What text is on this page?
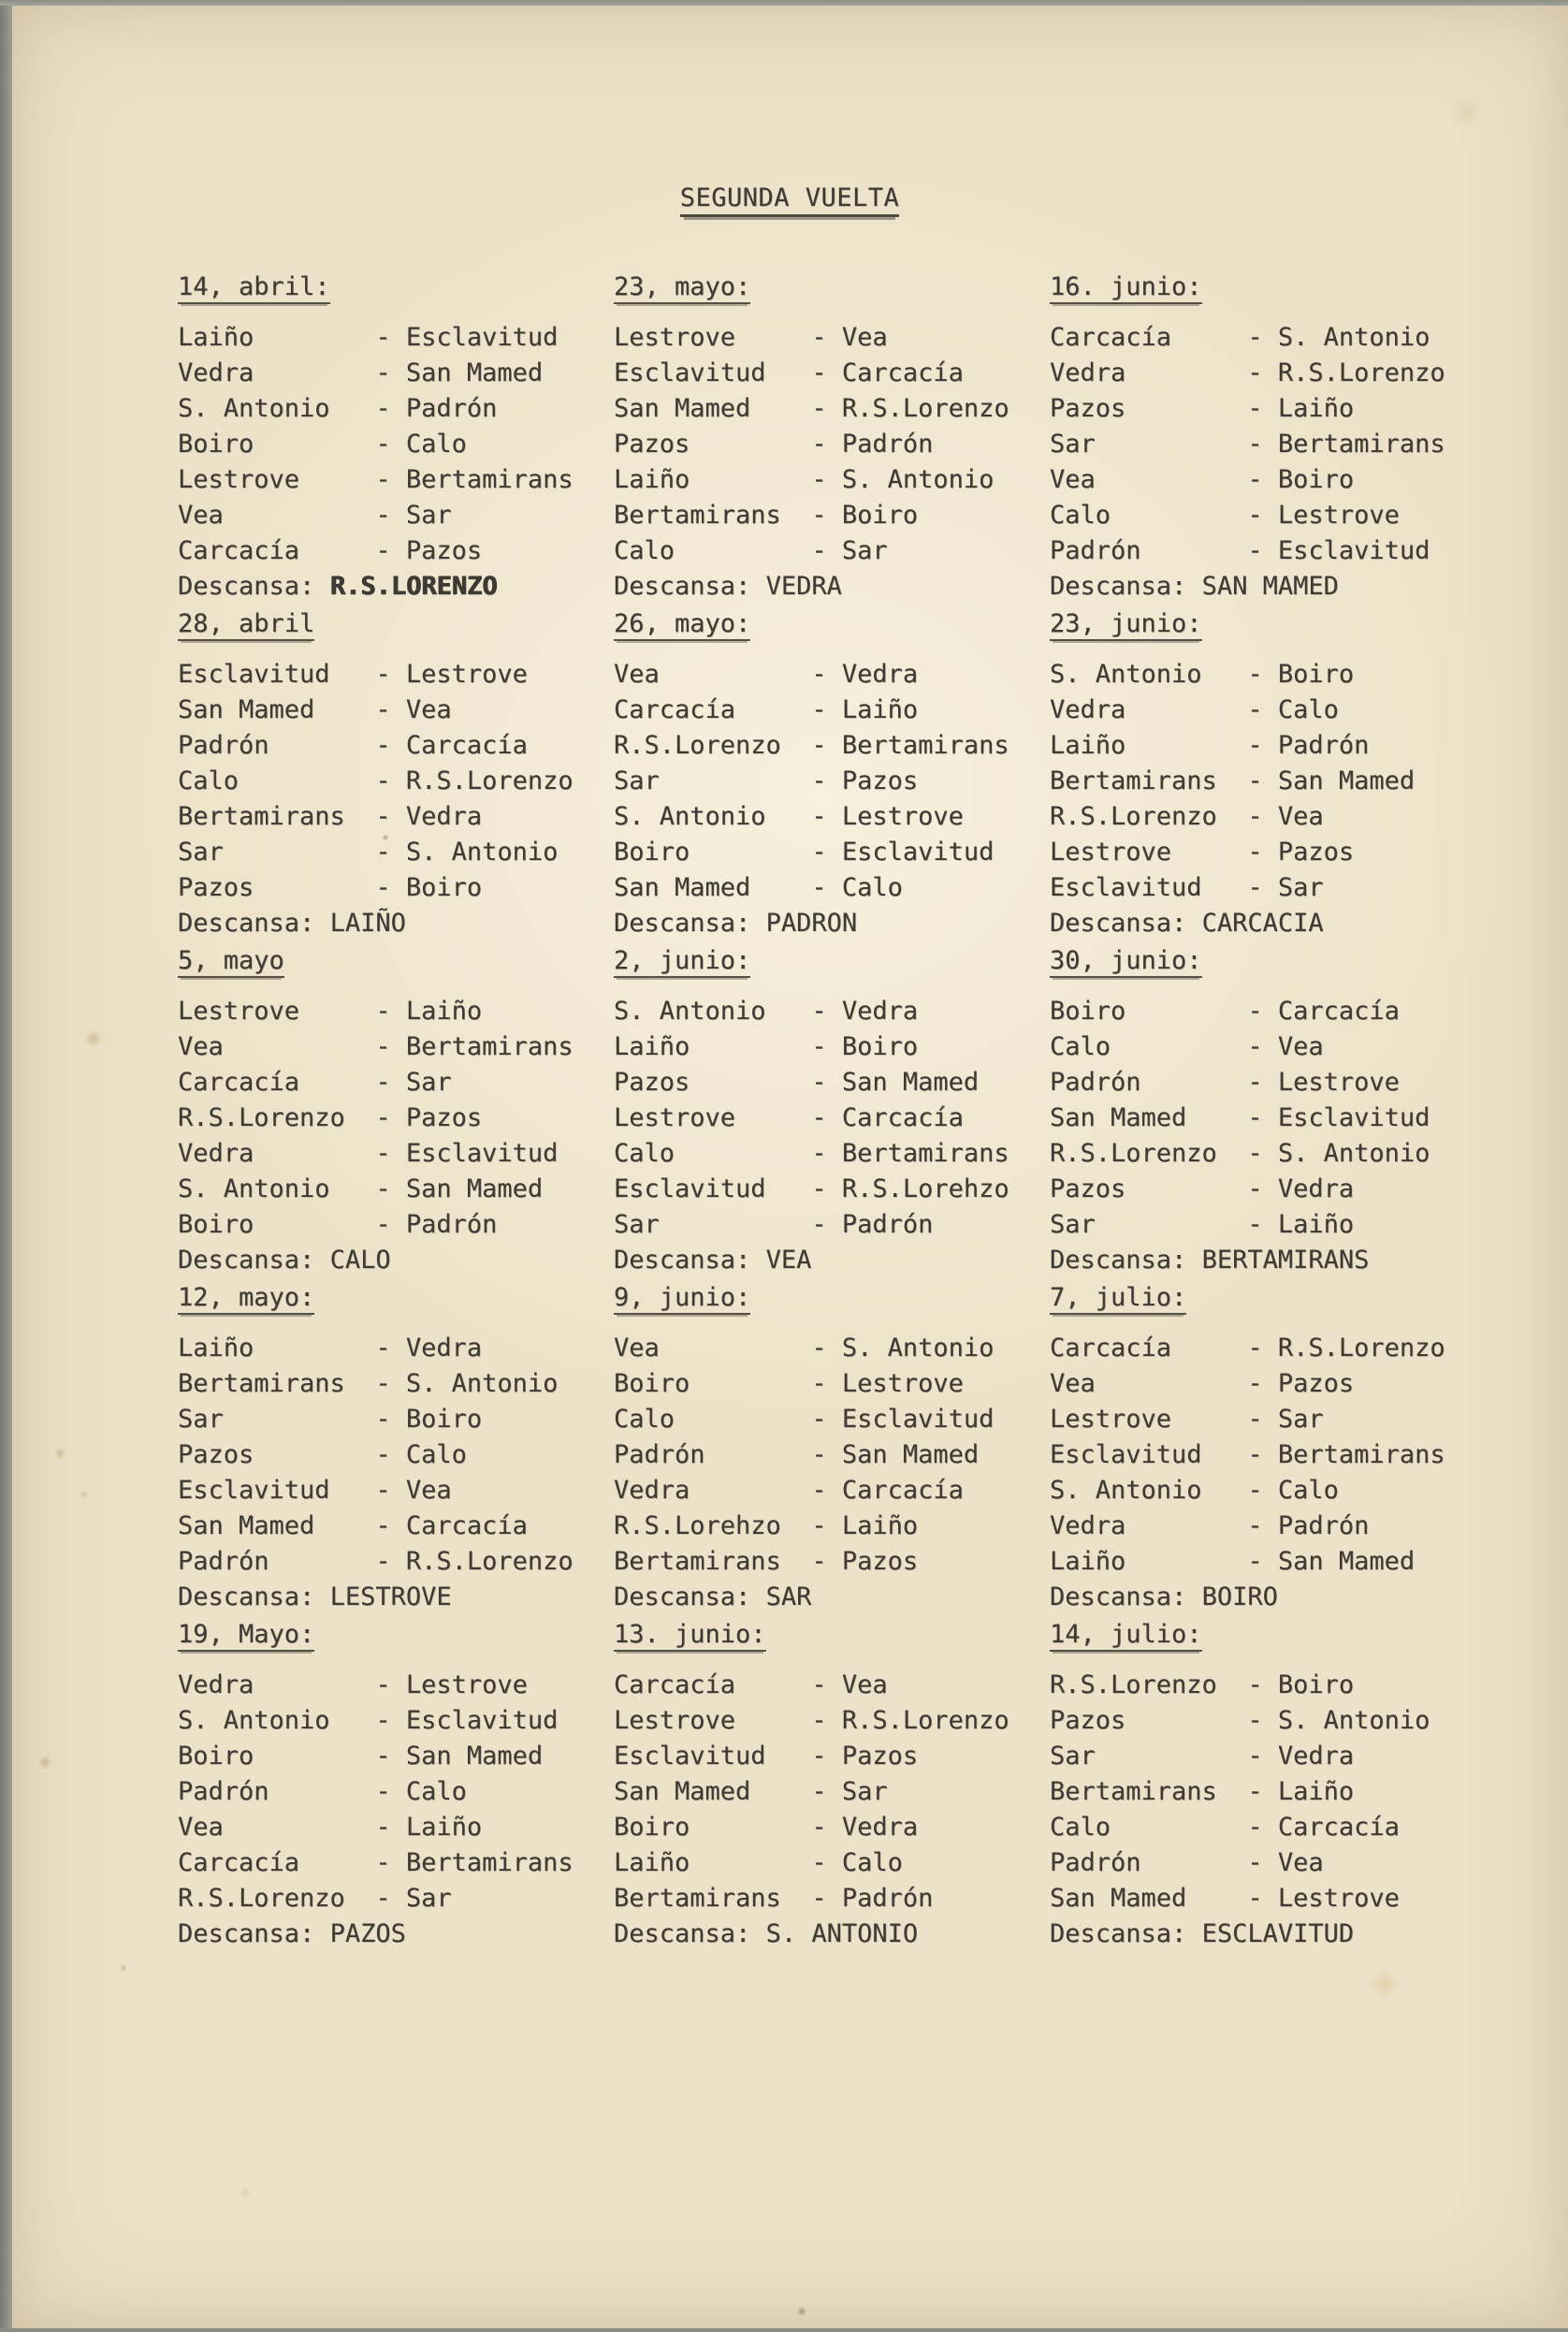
SEGUNDA VUELTA
14, abril:
Laiño	- Esclavitud
Vedra	- San Mamed
S. Antonio	- Padrón
Boiro	- Calo
Lestrove	- Bertamirans
Vea	- Sar
Carcacía	- Pazos
Descansa: R.S.LORENZO
23, mayo:
Lestrove	- Vea
Esclavitud	- Carcacía
San Mamed	- R.S.Lorenzo
Pazos	- Padrón
Laiño	- S. Antonio
Bertamirans	- Boiro
Calo	- Sar
Descansa: VEDRA
16. junio:
Carcacía	- S. Antonio
Vedra	- R.S.Lorenzo
Pazos	- Laiño
Sar	- Bertamirans
Vea	- Boiro
Calo	- Lestrove
Padrón	- Esclavitud
Descansa: SAN MAMED
28, abril
Esclavitud	- Lestrove
San Mamed	- Vea
Padrón	- Carcacía
Calo	- R.S.Lorenzo
Bertamirans	- Vedra
Sar	- S. Antonio
Pazos	- Boiro
Descansa: LAIÑO
26, mayo:
Vea	- Vedra
Carcacía	- Laiño
R.S.Lorenzo	- Bertamirans
Sar	- Pazos
S. Antonio	- Lestrove
Boiro	- Esclavitud
San Mamed	- Calo
Descansa: PADRON
23, junio:
S. Antonio	- Boiro
Vedra	- Calo
Laiño	- Padrón
Bertamirans	- San Mamed
R.S.Lorenzo	- Vea
Lestrove	- Pazos
Esclavitud	- Sar
Descansa: CARCACIA
5, mayo
Lestrove	- Laiño
Vea	- Bertamirans
Carcacía	- Sar
R.S.Lorenzo	- Pazos
Vedra	- Esclavitud
S. Antonio	- San Mamed
Boiro	- Padrón
Descansa: CALO
2, junio:
S. Antonio	- Vedra
Laiño	- Boiro
Pazos	- San Mamed
Lestrove	- Carcacía
Calo	- Bertamirans
Esclavitud	- R.S.Lorehzo
Sar	- Padrón
Descansa: VEA
30, junio:
Boiro	- Carcacía
Calo	- Vea
Padrón	- Lestrove
San Mamed	- Esclavitud
R.S.Lorenzo	- S. Antonio
Pazos	- Vedra
Sar	- Laiño
Descansa: BERTAMIRANS
12, mayo:
Laiño	- Vedra
Bertamirans	- S. Antonio
Sar	- Boiro
Pazos	- Calo
Esclavitud	- Vea
San Mamed	- Carcacía
Padrón	- R.S.Lorenzo
Descansa: LESTROVE
9, junio:
Vea	- S. Antonio
Boiro	- Lestrove
Calo	- Esclavitud
Padrón	- San Mamed
Vedra	- Carcacía
R.S.Lorehzo	- Laiño
Bertamirans	- Pazos
Descansa: SAR
7, julio:
Carcacía	- R.S.Lorenzo
Vea	- Pazos
Lestrove	- Sar
Esclavitud	- Bertamirans
S. Antonio	- Calo
Vedra	- Padrón
Laiño	- San Mamed
Descansa: BOIRO
19, Mayo:
Vedra	- Lestrove
S. Antonio	- Esclavitud
Boiro	- San Mamed
Padrón	- Calo
Vea	- Laiño
Carcacía	- Bertamirans
R.S.Lorenzo	- Sar
Descansa: PAZOS
13. junio:
Carcacía	- Vea
Lestrove	- R.S.Lorenzo
Esclavitud	- Pazos
San Mamed	- Sar
Boiro	- Vedra
Laiño	- Calo
Bertamirans	- Padrón
Descansa: S. ANTONIO
14, julio:
R.S.Lorenzo	- Boiro
Pazos	- S. Antonio
Sar	- Vedra
Bertamirans	- Laiño
Calo	- Carcacía
Padrón	- Vea
San Mamed	- Lestrove
Descansa: ESCLAVITUD
